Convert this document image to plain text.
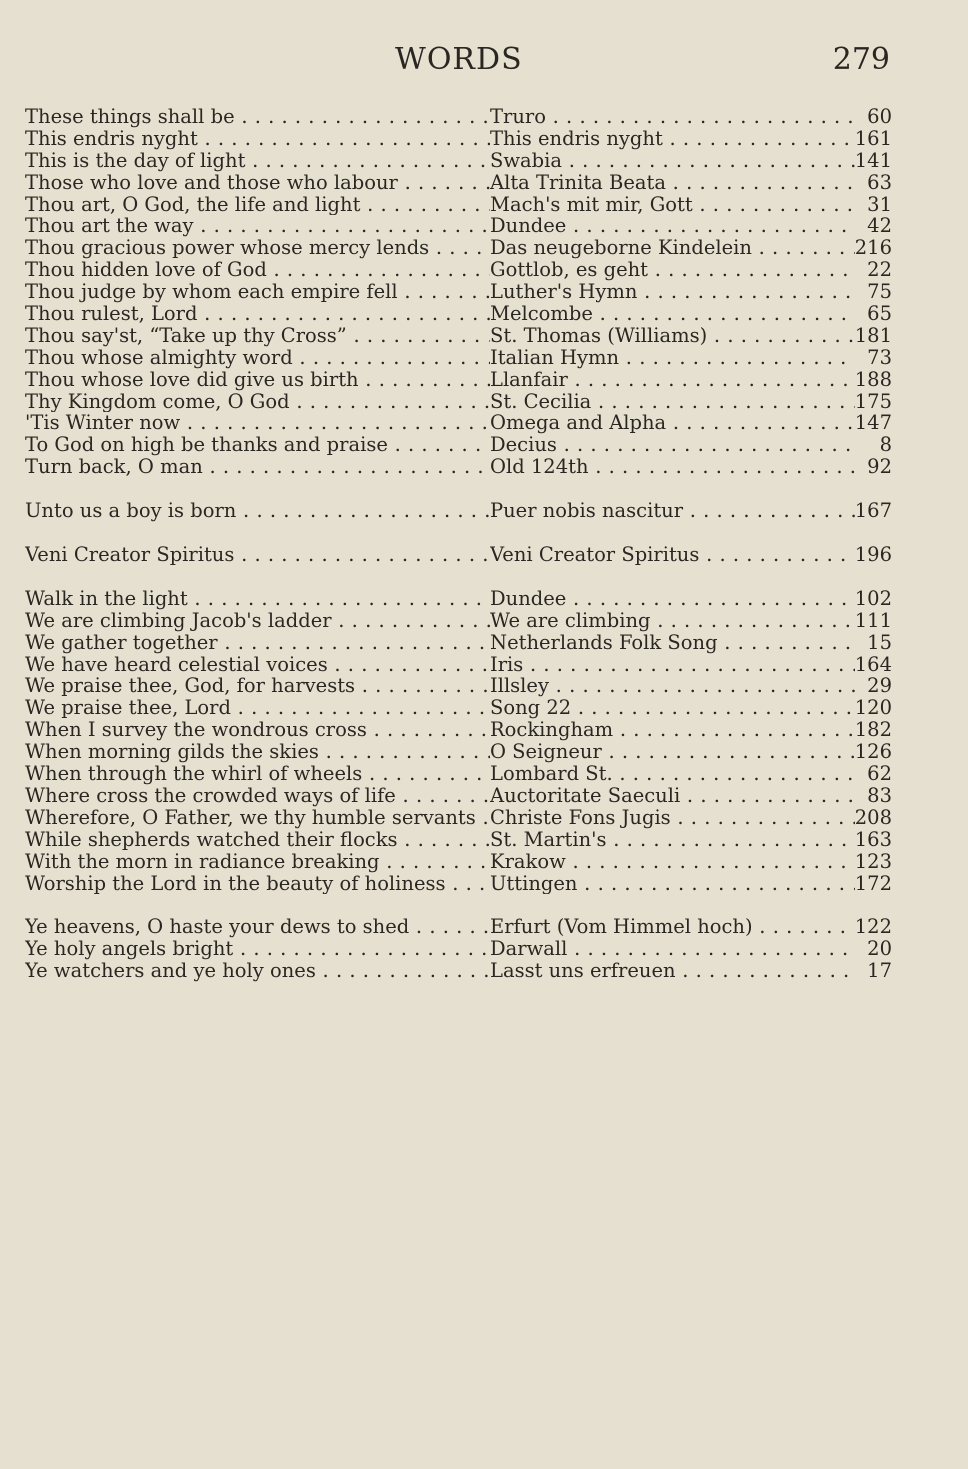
WORDS	279
These things shall be . . .	Truro . . .	60
This endris nyght . . .	This endris nyght . . .	161
This is the day of light . . .	Swabia . . .	141
Those who love and those who labour . . .	Alta Trinita Beata . . .	63
Thou art, O God, the life and light . . .	Mach's mit mir, Gott . . .	31
Thou art the way . . .	Dundee . . .	42
Thou gracious power whose mercy lends . . .	Das neugeborne Kindelein . . .	216
Thou hidden love of God . . .	Gottlob, es geht . . .	22
Thou judge by whom each empire fell . . .	Luther's Hymn . . .	75
Thou rulest, Lord . . .	Melcombe . . .	65
Thou say'st, “Take up thy Cross” . . .	St. Thomas (Williams) . . .	181
Thou whose almighty word . . .	Italian Hymn . . .	73
Thou whose love did give us birth . . .	Llanfair . . .	188
Thy Kingdom come, O God . . .	St. Cecilia . . .	175
'Tis Winter now . . .	Omega and Alpha . . .	147
To God on high be thanks and praise . . .	Decius . . .	8
Turn back, O man . . .	Old 124th . . .	92
Unto us a boy is born . . .	Puer nobis nascitur . . .	167
Veni Creator Spiritus . . .	Veni Creator Spiritus . . .	196
Walk in the light . . .	Dundee . . .	102
We are climbing Jacob's ladder . . .	We are climbing . . .	111
We gather together . . .	Netherlands Folk Song . . .	15
We have heard celestial voices . . .	Iris . . .	164
We praise thee, God, for harvests . . .	Illsley . . .	29
We praise thee, Lord . . .	Song 22 . . .	120
When I survey the wondrous cross . . .	Rockingham . . .	182
When morning gilds the skies . . .	O Seigneur . . .	126
When through the whirl of wheels . . .	Lombard St. . . .	62
Where cross the crowded ways of life . . .	Auctoritate Saeculi . . .	83
Wherefore, O Father, we thy humble servants . . . Christe Fons Jugis . . .	208
While shepherds watched their flocks . . .	St. Martin's . . .	163
With the morn in radiance breaking . . .	Krakow . . .	123
Worship the Lord in the beauty of holiness . . .	Uttingen . . .	172
Ye heavens, O haste your dews to shed . . .	Erfurt (Vom Himmel hoch) . . .	122
Ye holy angels bright . . .	Darwall . . .	20
Ye watchers and ye holy ones . . .	Lasst uns erfreuen . . .	17
